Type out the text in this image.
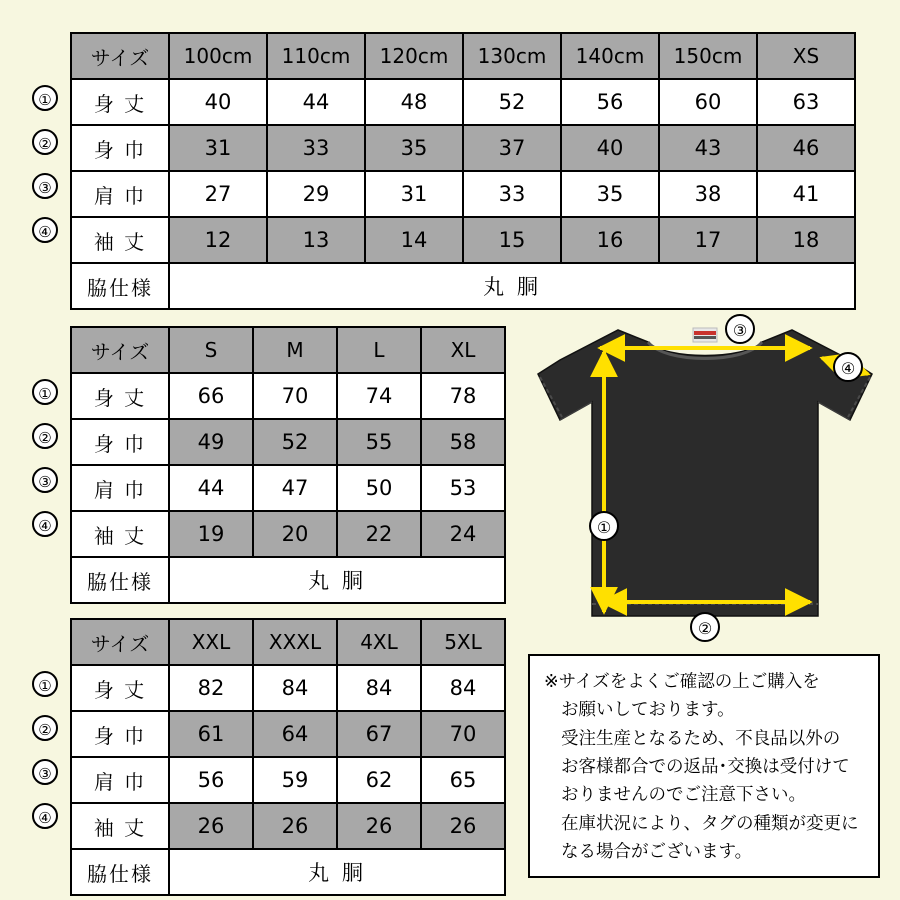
サイズ	100cm	110cm	120cm	130cm	140cm	150cm	XS
身 丈	40	44	48	52	56	60	63
身 巾	31	33	35	37	40	43	46
肩 巾	27	29	31	33	35	38	41
袖 丈	12	13	14	15	16	17	18
脇仕様	丸 胴						
①
②
③
④
サイズ	S	M	L	XL
身 丈	66	70	74	78
身 巾	49	52	55	58
肩 巾	44	47	50	53
袖 丈	19	20	22	24
脇仕様	丸 胴			
①
②
③
④
サイズ	XXL	XXXL	4XL	5XL
身 丈	82	84	84	84
身 巾	61	64	67	70
肩 巾	56	59	62	65
袖 丈	26	26	26	26
脇仕様	丸 胴			
①
②
③
④
③
④
①
②

※サイズをよくご確認の上ご購入を

お願いしております。

受注生産となるため、不良品以外の

お客様都合での返品･交換は受付けて

おりませんのでご注意下さい。

在庫状況により、タグの種類が変更に

なる場合がございます。
